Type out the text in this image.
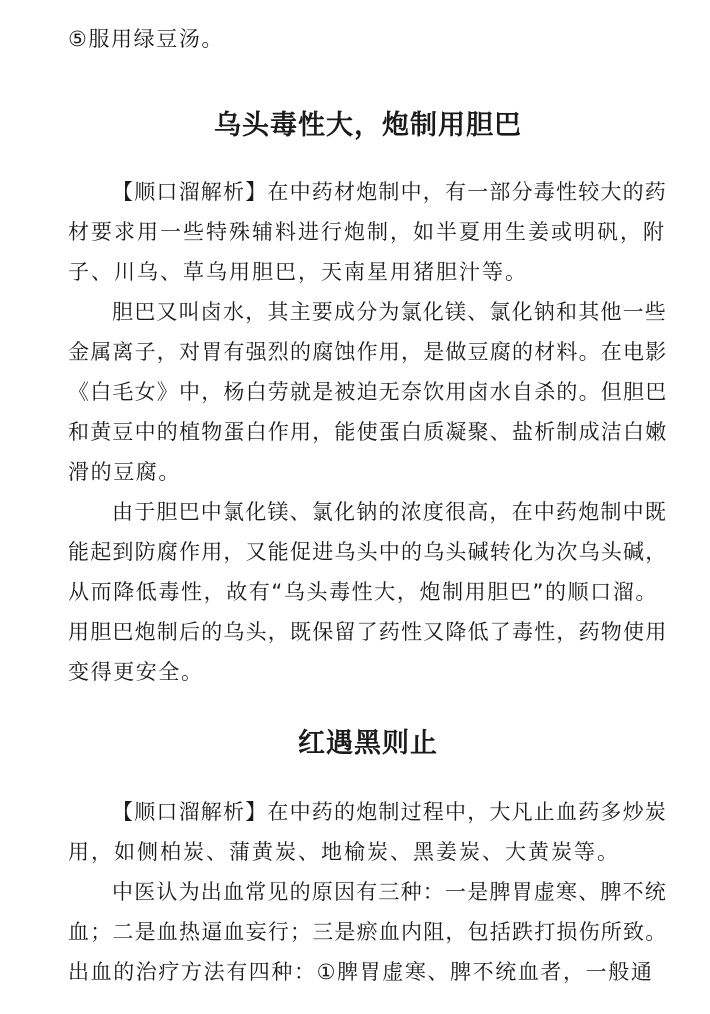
⑤服用绿豆汤。

乌头毒性大，炮制用胆巴

【顺口溜解析】在中药材炮制中，有一部分毒性较大的药

材要求用一些特殊辅料进行炮制，如半夏用生姜或明矾，附

子、川乌、草乌用胆巴，天南星用猪胆汁等。

胆巴又叫卤水，其主要成分为氯化镁、氯化钠和其他一些

金属离子，对胃有强烈的腐蚀作用，是做豆腐的材料。在电影

《白毛女》中，杨白劳就是被迫无奈饮用卤水自杀的。但胆巴

和黄豆中的植物蛋白作用，能使蛋白质凝聚、盐析制成洁白嫩

滑的豆腐。

由于胆巴中氯化镁、氯化钠的浓度很高，在中药炮制中既

能起到防腐作用，又能促进乌头中的乌头碱转化为次乌头碱，

从而降低毒性，故有“乌头毒性大，炮制用胆巴”的顺口溜。

用胆巴炮制后的乌头，既保留了药性又降低了毒性，药物使用

变得更安全。

红遇黑则止

【顺口溜解析】在中药的炮制过程中，大凡止血药多炒炭

用，如侧柏炭、蒲黄炭、地榆炭、黑姜炭、大黄炭等。

中医认为出血常见的原因有三种：一是脾胃虚寒、脾不统

血；二是血热逼血妄行；三是瘀血内阻，包括跌打损伤所致。

出血的治疗方法有四种：①脾胃虚寒、脾不统血者，一般通
